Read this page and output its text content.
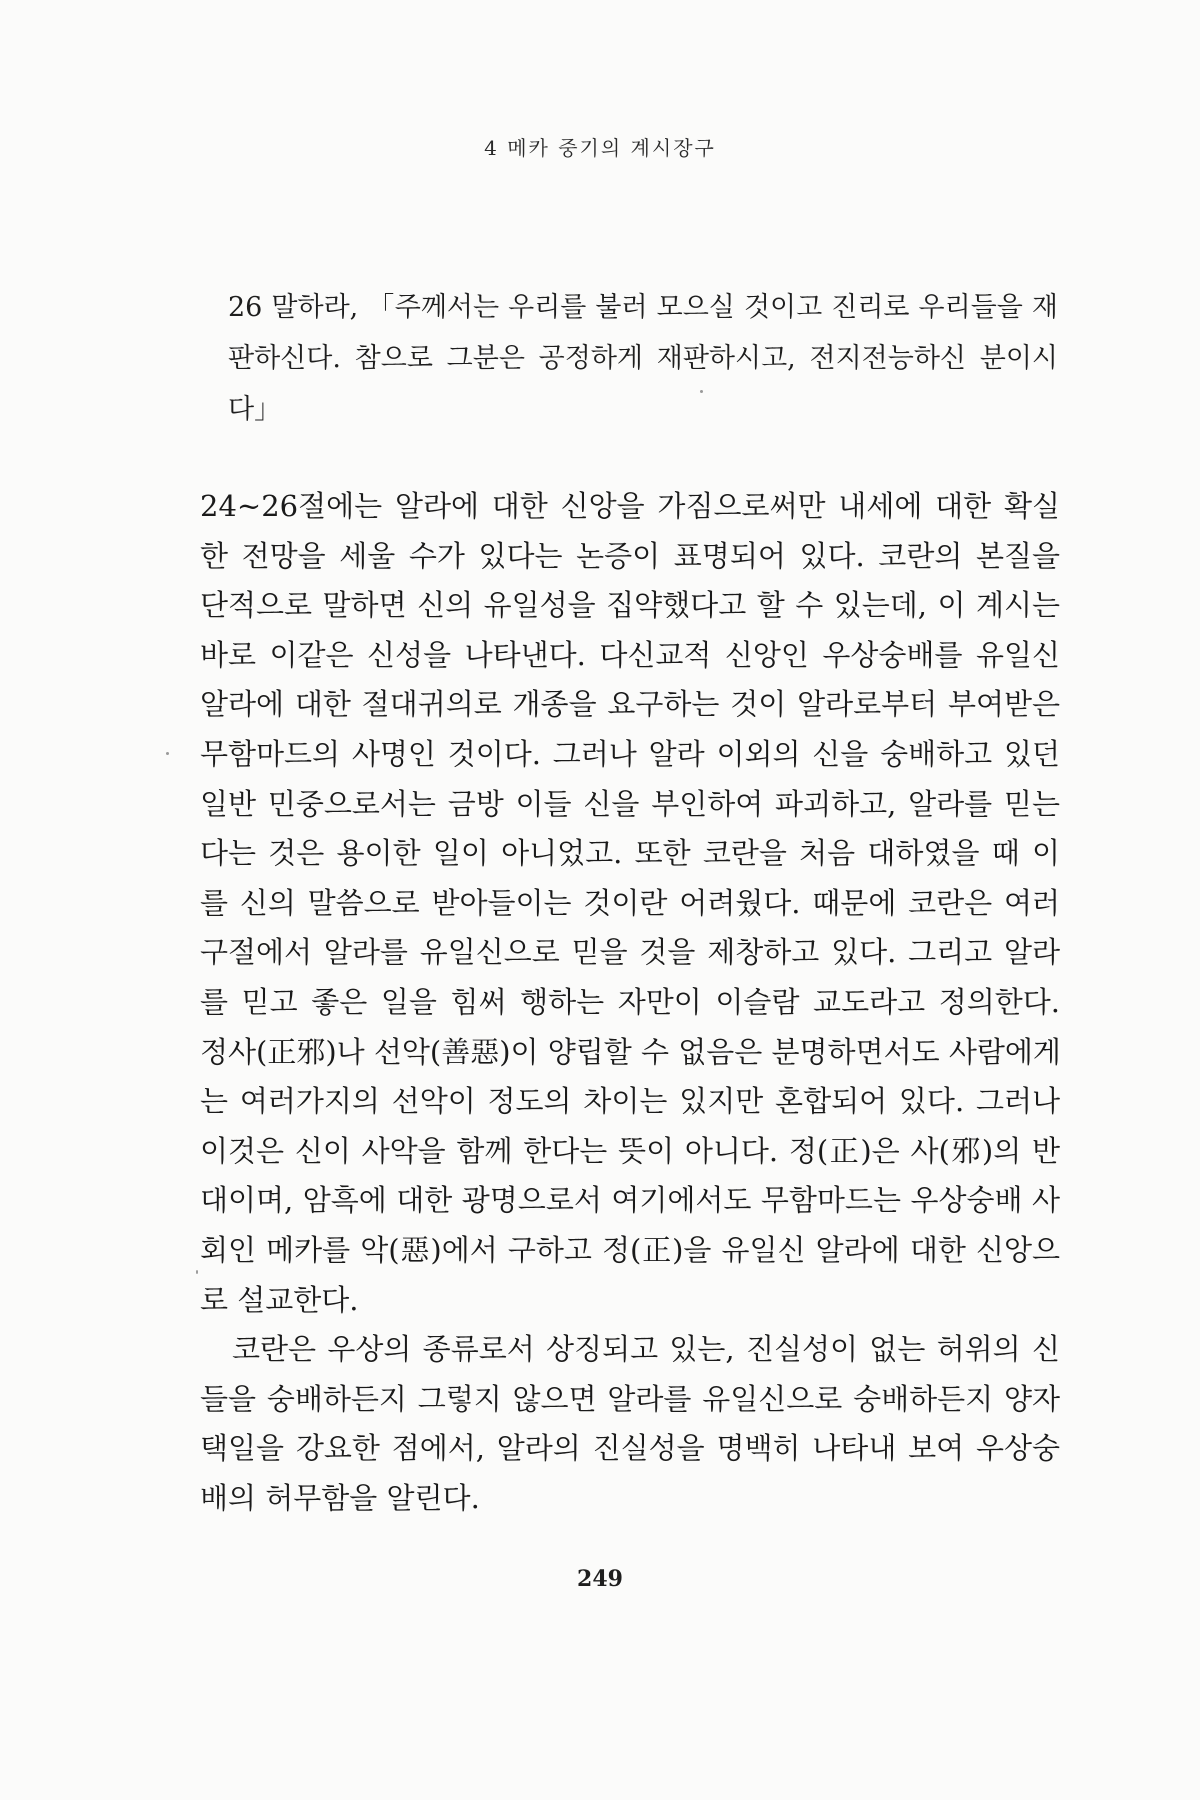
4 메카 중기의 계시장구
26 말하라, 「주께서는 우리를 불러 모으실 것이고 진리로 우리들을 재
판하신다. 참으로 그분은 공정하게 재판하시고, 전지전능하신 분이시
다」
24~26절에는 알라에 대한 신앙을 가짐으로써만 내세에 대한 확실
한 전망을 세울 수가 있다는 논증이 표명되어 있다. 코란의 본질을
단적으로 말하면 신의 유일성을 집약했다고 할 수 있는데, 이 계시는
바로 이같은 신성을 나타낸다. 다신교적 신앙인 우상숭배를 유일신
알라에 대한 절대귀의로 개종을 요구하는 것이 알라로부터 부여받은
무함마드의 사명인 것이다. 그러나 알라 이외의 신을 숭배하고 있던
일반 민중으로서는 금방 이들 신을 부인하여 파괴하고, 알라를 믿는
다는 것은 용이한 일이 아니었고. 또한 코란을 처음 대하였을 때 이
를 신의 말씀으로 받아들이는 것이란 어려웠다. 때문에 코란은 여러
구절에서 알라를 유일신으로 믿을 것을 제창하고 있다. 그리고 알라
를 믿고 좋은 일을 힘써 행하는 자만이 이슬람 교도라고 정의한다.
정사(正邪)나 선악(善惡)이 양립할 수 없음은 분명하면서도 사람에게
는 여러가지의 선악이 정도의 차이는 있지만 혼합되어 있다. 그러나
이것은 신이 사악을 함께 한다는 뜻이 아니다. 정(正)은 사(邪)의 반
대이며, 암흑에 대한 광명으로서 여기에서도 무함마드는 우상숭배 사
회인 메카를 악(惡)에서 구하고 정(正)을 유일신 알라에 대한 신앙으
로 설교한다.
코란은 우상의 종류로서 상징되고 있는, 진실성이 없는 허위의 신
들을 숭배하든지 그렇지 않으면 알라를 유일신으로 숭배하든지 양자
택일을 강요한 점에서, 알라의 진실성을 명백히 나타내 보여 우상숭
배의 허무함을 알린다.
249
